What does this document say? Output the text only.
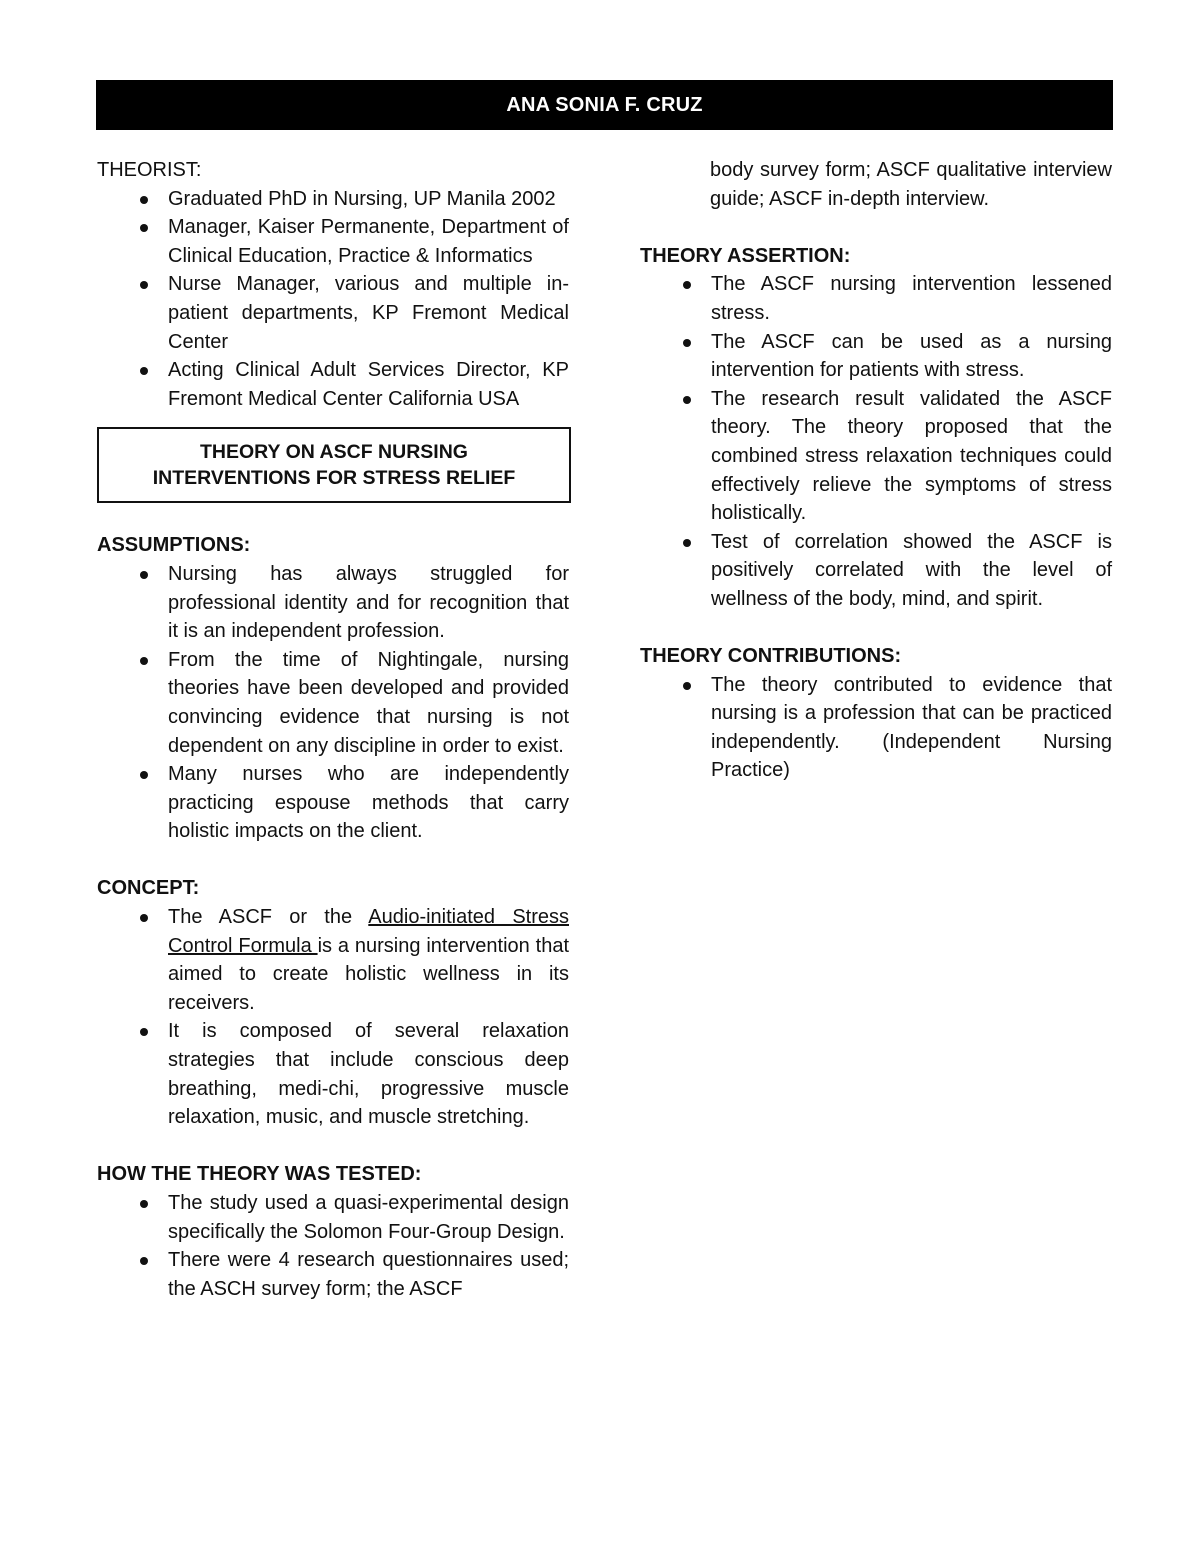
ANA SONIA F. CRUZ

THEORIST:

Graduated PhD in Nursing, UP Manila 2002
Manager, Kaiser Permanente, Department of Clinical Education, Practice & Informatics
Nurse Manager, various and multiple in-patient departments, KP Fremont Medical Center
Acting Clinical Adult Services Director, KP Fremont Medical Center California USA
THEORY ON ASCF NURSING
INTERVENTIONS FOR STRESS RELIEF

ASSUMPTIONS:

Nursing has always struggled for professional identity and for recognition that it is an independent profession.
From the time of Nightingale, nursing theories have been developed and provided convincing evidence that nursing is not dependent on any discipline in order to exist.
Many nurses who are independently practicing espouse methods that carry holistic impacts on the client.

CONCEPT:

The ASCF or the Audio-initiated Stress Control Formula is a nursing intervention that aimed to create holistic wellness in its receivers.
It is composed of several relaxation strategies that include conscious deep breathing, medi-chi, progressive muscle relaxation, music, and muscle stretching.

HOW THE THEORY WAS TESTED:

The study used a quasi-experimental design specifically the Solomon Four-Group Design.
There were 4 research questionnaires used; the ASCH survey form; the ASCF

body survey form; ASCF qualitative interview guide; ASCF in-depth interview.

THEORY ASSERTION:

The ASCF nursing intervention lessened stress.
The ASCF can be used as a nursing intervention for patients with stress.
The research result validated the ASCF theory. The theory proposed that the combined stress relaxation techniques could effectively relieve the symptoms of stress holistically.
Test of correlation showed the ASCF is positively correlated with the level of wellness of the body, mind, and spirit.

THEORY CONTRIBUTIONS:

The theory contributed to evidence that nursing is a profession that can be practiced independently. (Independent Nursing Practice)
